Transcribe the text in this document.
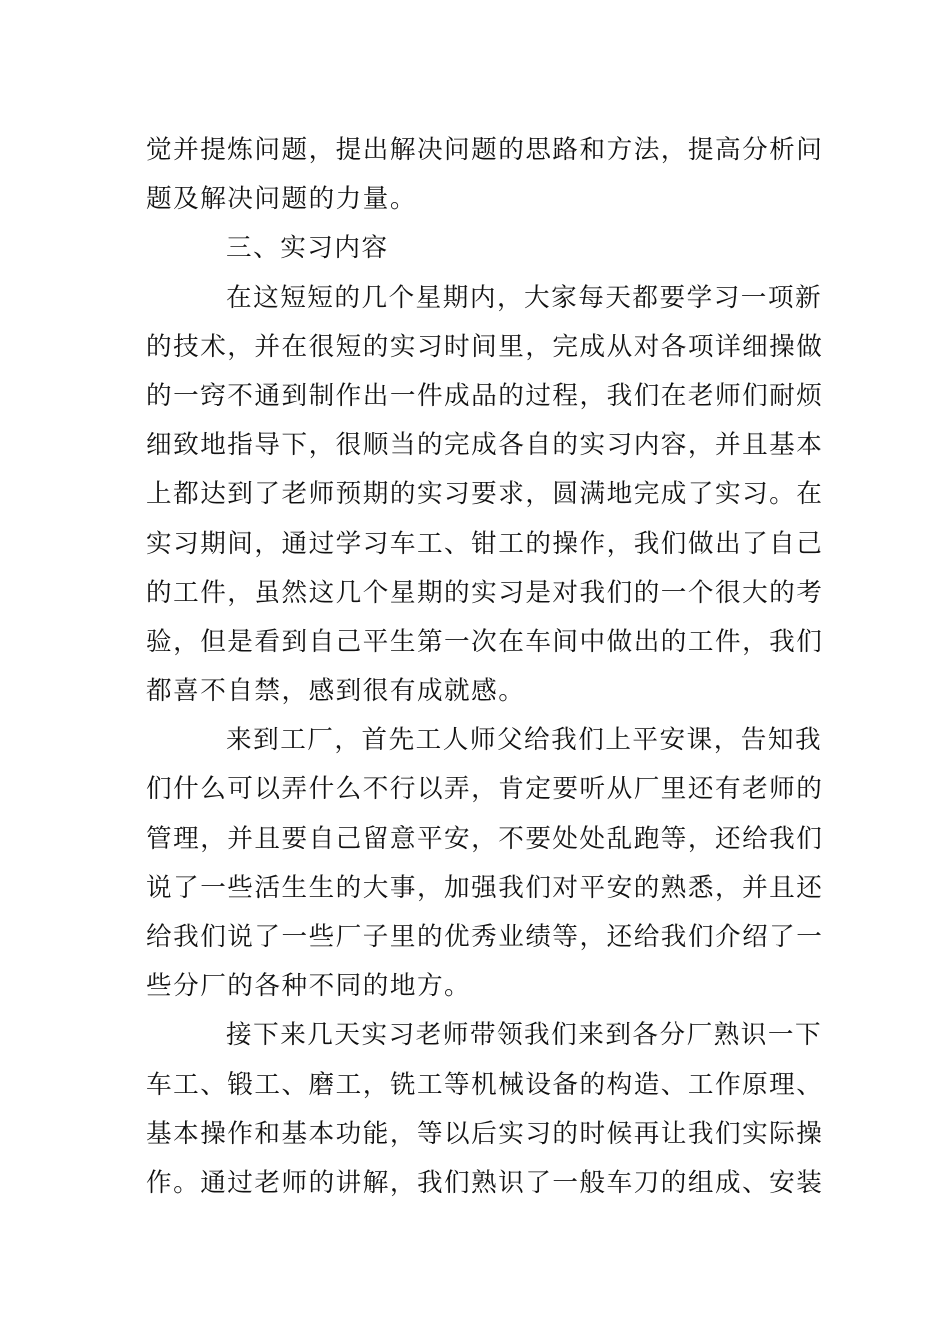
觉并提炼问题，提出解决问题的思路和方法，提高分析问
题及解决问题的力量。
三、实习内容
在这短短的几个星期内，大家每天都要学习一项新
的技术，并在很短的实习时间里，完成从对各项详细操做
的一窍不通到制作出一件成品的过程，我们在老师们耐烦
细致地指导下，很顺当的完成各自的实习内容，并且基本
上都达到了老师预期的实习要求，圆满地完成了实习。在
实习期间，通过学习车工、钳工的操作，我们做出了自己
的工件，虽然这几个星期的实习是对我们的一个很大的考
验，但是看到自己平生第一次在车间中做出的工件，我们
都喜不自禁，感到很有成就感。
来到工厂，首先工人师父给我们上平安课，告知我
们什么可以弄什么不行以弄，肯定要听从厂里还有老师的
管理，并且要自己留意平安，不要处处乱跑等，还给我们
说了一些活生生的大事，加强我们对平安的熟悉，并且还
给我们说了一些厂子里的优秀业绩等，还给我们介绍了一
些分厂的各种不同的地方。
接下来几天实习老师带领我们来到各分厂熟识一下
车工、锻工、磨工，铣工等机械设备的构造、工作原理、
基本操作和基本功能，等以后实习的时候再让我们实际操
作。通过老师的讲解，我们熟识了一般车刀的组成、安装
